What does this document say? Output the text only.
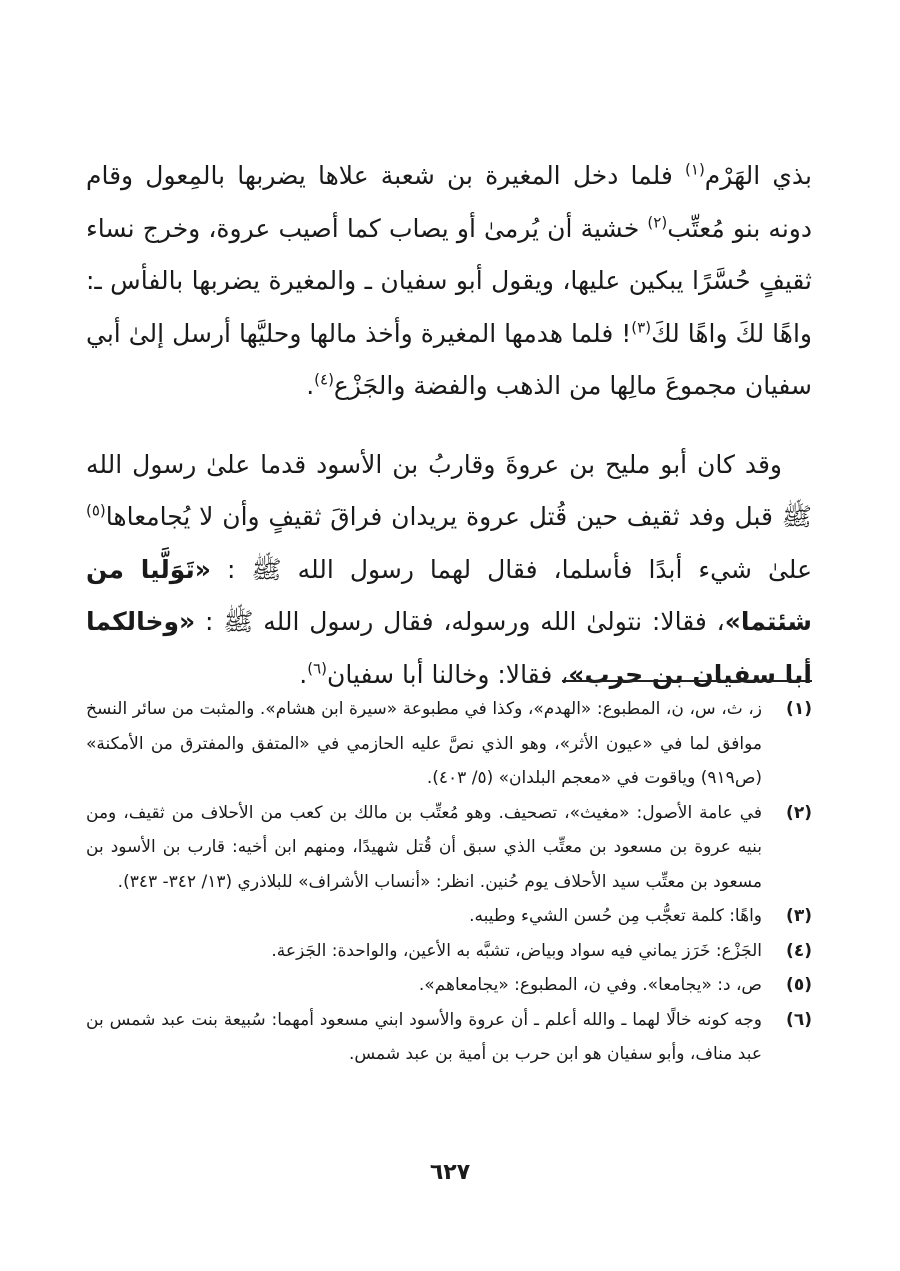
بذي الهَرْم$^{(١)}$ فلما دخل المغيرة بن شعبة علاها يضربها بالمِعول وقام دونه بنو مُعتِّب$^{(٢)}$ خشية أن يُرمىٰ أو يصاب كما أصيب عروة، وخرج نساء ثقيفٍ حُسَّرًا يبكين عليها، ويقول أبو سفيان ـ والمغيرة يضربها بالفأس ـ: واهًا لكَ واهًا لكَ$^{(٣)}$! فلما هدمها المغيرة وأخذ مالها وحليَّها أرسل إلىٰ أبي سفيان مجموعَ مالِها من الذهب والفضة والجَزْع$^{(٤)}$.

وقد كان أبو مليح بن عروةَ وقاربُ بن الأسود قدما علىٰ رسول الله ﷺ قبل وفد ثقيف حين قُتل عروة يريدان فراقَ ثقيفٍ وأن لا يُجامعاها$^{(٥)}$ علىٰ شيء أبدًا فأسلما، فقال لهما رسول الله ﷺ : «تَوَلَّيا من شئتما»، فقالا: نتولىٰ الله ورسوله، فقال رسول الله ﷺ : «وخالكما أبا سفيان بن حرب»، فقالا: وخالنا أبا سفيان$^{(٦)}$.

(١)
ز، ث، س، ن، المطبوع: «الهدم»، وكذا في مطبوعة «سيرة ابن هشام». والمثبت من سائر النسخ موافق لما في «عيون الأثر»، وهو الذي نصَّ عليه الحازمي في «المتفق والمفترق من الأمكنة» (ص٩١٩) وياقوت في «معجم البلدان» (٥/ ٤٠٣).
(٢)
في عامة الأصول: «مغيث»، تصحيف. وهو مُعتِّب بن مالك بن كعب من الأحلاف من ثقيف، ومن بنيه عروة بن مسعود بن معتِّب الذي سبق أن قُتل شهيدًا، ومنهم ابن أخيه: قارب بن الأسود بن مسعود بن معتِّب سيد الأحلاف يوم حُنين. انظر: «أنساب الأشراف» للبلاذري (١٣/ ٣٤٢- ٣٤٣).
(٣)
واهًا: كلمة تعجُّب مِن حُسن الشيء وطيبه.
(٤)
الجَزْع: خَرَز يماني فيه سواد وبياض، تشبَّه به الأعين، والواحدة: الجَزعة.
(٥)
ص، د: «يجامعا». وفي ن، المطبوع: «يجامعاهم».
(٦)
وجه كونه خالًا لهما ـ والله أعلم ـ أن عروة والأسود ابني مسعود أمهما: سُبيعة بنت عبد شمس بن عبد مناف، وأبو سفيان هو ابن حرب بن أمية بن عبد شمس.
٦٢٧
